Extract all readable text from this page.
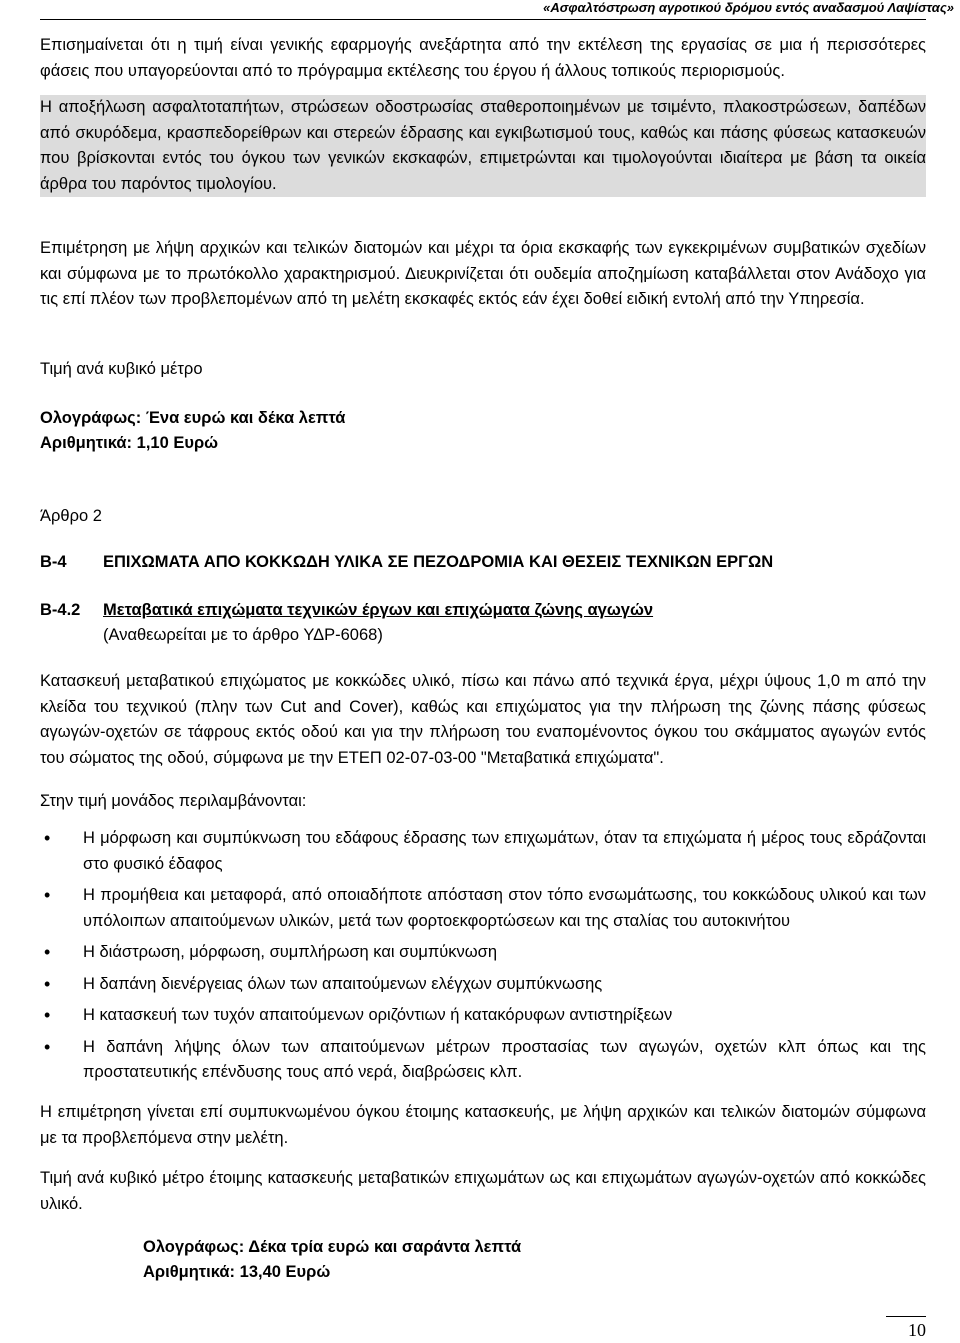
«Ασφαλτόστρωση αγροτικού δρόμου εντός αναδασμού Λαψίστας»

Επισημαίνεται ότι η τιμή είναι γενικής εφαρμογής ανεξάρτητα από την εκτέλεση της εργασίας σε μια ή περισσότερες φάσεις που υπαγορεύονται από το πρόγραμμα εκτέλεσης του έργου ή άλλους τοπικούς περιορισμούς.

Η αποξήλωση ασφαλτοταπήτων, στρώσεων οδοστρωσίας σταθεροποιημένων με τσιμέντο, πλακοστρώσεων, δαπέδων από σκυρόδεμα, κρασπεδορείθρων και στερεών έδρασης και εγκιβωτισμού τους, καθώς και πάσης φύσεως κατασκευών που βρίσκονται εντός του όγκου των γενικών εκσκαφών, επιμετρώνται και τιμολογούνται ιδιαίτερα με βάση τα οικεία άρθρα του παρόντος τιμολογίου.

Επιμέτρηση με λήψη αρχικών και τελικών διατομών και μέχρι τα όρια εκσκαφής των εγκεκριμένων συμβατικών σχεδίων και σύμφωνα με το πρωτόκολλο χαρακτηρισμού. Διευκρινίζεται ότι ουδεμία αποζημίωση καταβάλλεται στον Ανάδοχο για τις επί πλέον των προβλεπομένων από τη μελέτη εκσκαφές εκτός εάν έχει δοθεί ειδική εντολή από την Υπηρεσία.

Τιμή ανά κυβικό μέτρο

Ολογράφως: Ένα ευρώ και δέκα λεπτά
Αριθμητικά: 1,10 Ευρώ
Άρθρο 2
Β-4 ΕΠΙΧΩΜΑΤΑ ΑΠΟ ΚΟΚΚΩΔΗ ΥΛΙΚΑ ΣΕ ΠΕΖΟΔΡΟΜΙΑ ΚΑΙ ΘΕΣΕΙΣ ΤΕΧΝΙΚΩΝ ΕΡΓΩΝ
Β-4.2 Μεταβατικά επιχώματα τεχνικών έργων και επιχώματα ζώνης αγωγών
(Αναθεωρείται με το άρθρο ΥΔΡ-6068)

Κατασκευή μεταβατικού επιχώματος με κοκκώδες υλικό, πίσω και πάνω από τεχνικά έργα, μέχρι ύψους 1,0 m από την κλείδα του τεχνικού (πλην των Cut and Cover), καθώς και επιχώματος για την πλήρωση της ζώνης πάσης φύσεως αγωγών-οχετών σε τάφρους εκτός οδού και για την πλήρωση του εναπομένοντος όγκου του σκάμματος αγωγών εντός του σώματος της οδού, σύμφωνα με την ΕΤΕΠ 02-07-03-00 "Μεταβατικά επιχώματα".

Στην τιμή μονάδος περιλαμβάνονται:

• Η μόρφωση και συμπύκνωση του εδάφους έδρασης των επιχωμάτων, όταν τα επιχώματα ή μέρος τους εδράζονται στο φυσικό έδαφος
• Η προμήθεια και μεταφορά, από οποιαδήποτε απόσταση στον τόπο ενσωμάτωσης, του κοκκώδους υλικού και των υπόλοιπων απαιτούμενων υλικών, μετά των φορτοεκφορτώσεων και της σταλίας του αυτοκινήτου
• Η διάστρωση, μόρφωση, συμπλήρωση και συμπύκνωση
• Η δαπάνη διενέργειας όλων των απαιτούμενων ελέγχων συμπύκνωσης
• Η κατασκευή των τυχόν απαιτούμενων οριζόντιων ή κατακόρυφων αντιστηρίξεων
• Η δαπάνη λήψης όλων των απαιτούμενων μέτρων προστασίας των αγωγών, οχετών κλπ όπως και της προστατευτικής επένδυσης τους από νερά, διαβρώσεις κλπ.

Η επιμέτρηση γίνεται επί συμπυκνωμένου όγκου έτοιμης κατασκευής, με λήψη αρχικών και τελικών διατομών σύμφωνα με τα προβλεπόμενα στην μελέτη.

Τιμή ανά κυβικό μέτρο έτοιμης κατασκευής μεταβατικών επιχωμάτων ως και επιχωμάτων αγωγών-οχετών από κοκκώδες υλικό.

Ολογράφως: Δέκα τρία ευρώ και σαράντα λεπτά
Αριθμητικά: 13,40 Ευρώ
10
